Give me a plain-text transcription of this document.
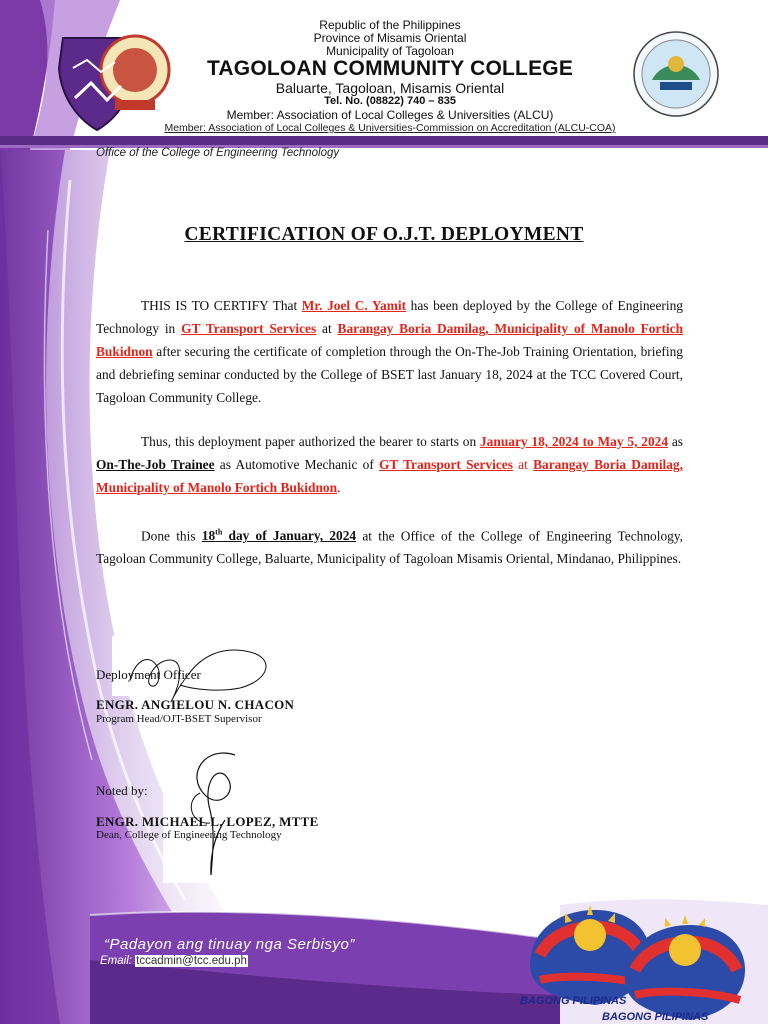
Republic of the Philippines
Province of Misamis Oriental
Municipality of Tagoloan
TAGOLOAN COMMUNITY COLLEGE
Baluarte, Tagoloan, Misamis Oriental
Tel. No. (08822) 740 – 835
Member: Association of Local Colleges & Universities (ALCU)
Member: Association of Local Colleges & Universities-Commission on Accreditation (ALCU-COA)
Office of the College of Engineering Technology
CERTIFICATION OF O.J.T. DEPLOYMENT
THIS IS TO CERTIFY That Mr. Joel C. Yamit has been deployed by the College of Engineering Technology in GT Transport Services at Barangay Boria Damilag, Municipality of Manolo Fortich Bukidnon after securing the certificate of completion through the On-The-Job Training Orientation, briefing and debriefing seminar conducted by the College of BSET last January 18, 2024 at the TCC Covered Court, Tagoloan Community College.
Thus, this deployment paper authorized the bearer to starts on January 18, 2024 to May 5, 2024 as On-The-Job Trainee as Automotive Mechanic of GT Transport Services at Barangay Boria Damilag, Municipality of Manolo Fortich Bukidnon.
Done this 18th day of January, 2024 at the Office of the College of Engineering Technology, Tagoloan Community College, Baluarte, Municipality of Tagoloan Misamis Oriental, Mindanao, Philippines.
Deployment Officer
ENGR. ANGIELOU N. CHACON
Program Head/OJT-BSET Supervisor
Noted by:
ENGR. MICHAEL L. LOPEZ, MTTE
Dean, College of Engineering Technology
“Padayon ang tinuay nga Serbisyo”
Email: tccadmin@tcc.edu.ph
BAGONG PILIPINAS
BAGONG PILIPINAS
